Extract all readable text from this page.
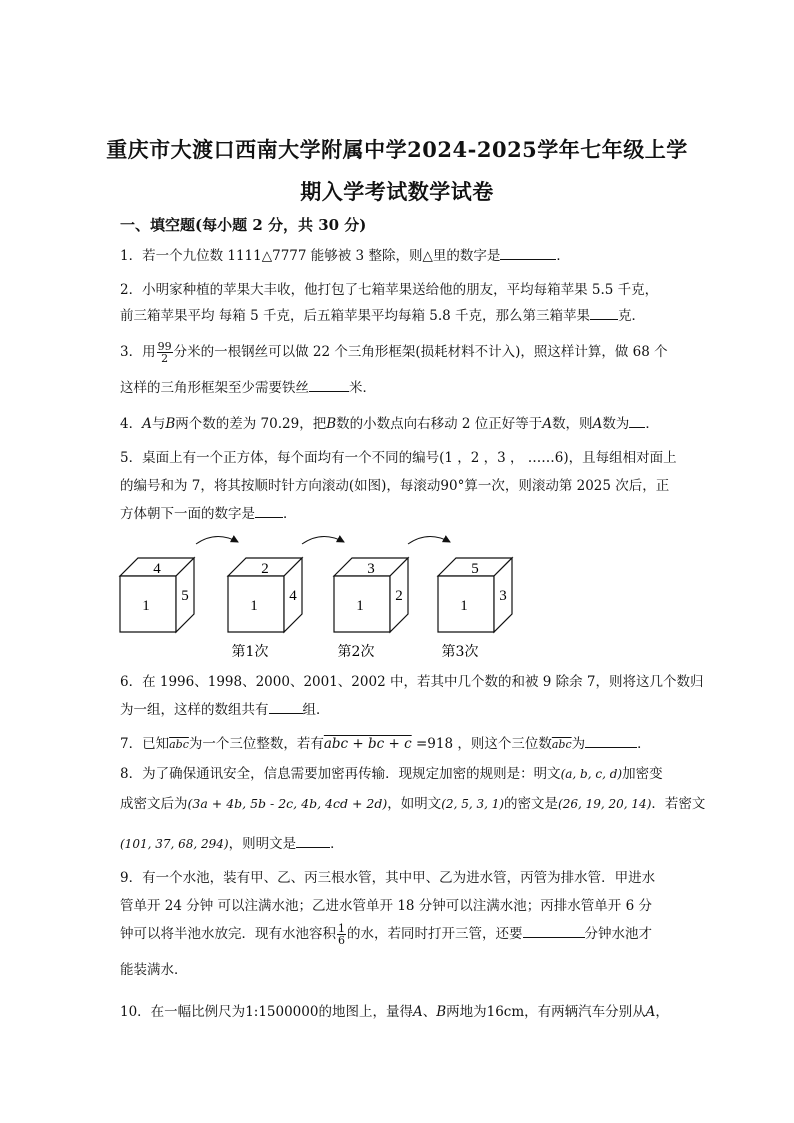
重庆市大渡口西南大学附属中学2024-2025学年七年级上学
期入学考试数学试卷
一、填空题(每小题 2 分，共 30 分)
1．若一个九位数 1111△7777 能够被 3 整除，则△里的数字是	．
2．小明家种植的苹果大丰收，他打包了七箱苹果送给他的朋友，平均每箱苹果 5.5 千克，
前三箱苹果平均 每箱 5 千克，后五箱苹果平均每箱 5.8 千克，那么第三箱苹果 克．
3．用 $\frac{99}{2}$ 分米的一根钢丝可以做 22 个三角形框架(损耗材料不计入)，照这样计算，做 68 个
这样的三角形框架至少需要铁丝	米．
4．A与B两个数的差为 70.29，把B数的小数点向右移动 2 位正好等于A数，则A数为 ．
5．桌面上有一个正方体，每个面均有一个不同的编号(1 ，2 ，3 ， ……6)，且每组相对面上
的编号和为 7，将其按顺时针方向滚动(如图)，每滚动90°算一次，则滚动第 2025 次后，正
方体朝下一面的数字是 ．
4
1
5
2
1
4
第1次
3
1
2
第2次
5
1
3
第3次
6．在 1996、1998、2000、2001、2002 中，若其中几个数的和被 9 除余 7，则将这几个数归
为一组，这样的数组共有	组．
7．已知$\overline{abc}$为一个三位整数，若有abc + bc + c =918 ，则这个三位数$\overline{abc}$为	．
8．为了确保通讯安全，信息需要加密再传输．现规定加密的规则是：明文(a, b, c, d)加密变
成密文后为(3a + 4b, 5b - 2c, 4b, 4cd + 2d)，如明文(2, 5, 3, 1)的密文是(26, 19, 20, 14)．若密文
(101, 37, 68, 294)，则明文是	．
9．有一个水池，装有甲、乙、丙三根水管，其中甲、乙为进水管，丙管为排水管．甲进水
管单开 24 分钟 可以注满水池；乙进水管单开 18 分钟可以注满水池；丙排水管单开 6 分
钟可以将半池水放完．现有水池容积 $\frac{1}{6}$ 的水，若同时打开三管，还要	分钟水池才
能装满水．
10．在一幅比例尺为1:1500000的地图上，量得A、B两地为16cm，有两辆汽车分别从A，
